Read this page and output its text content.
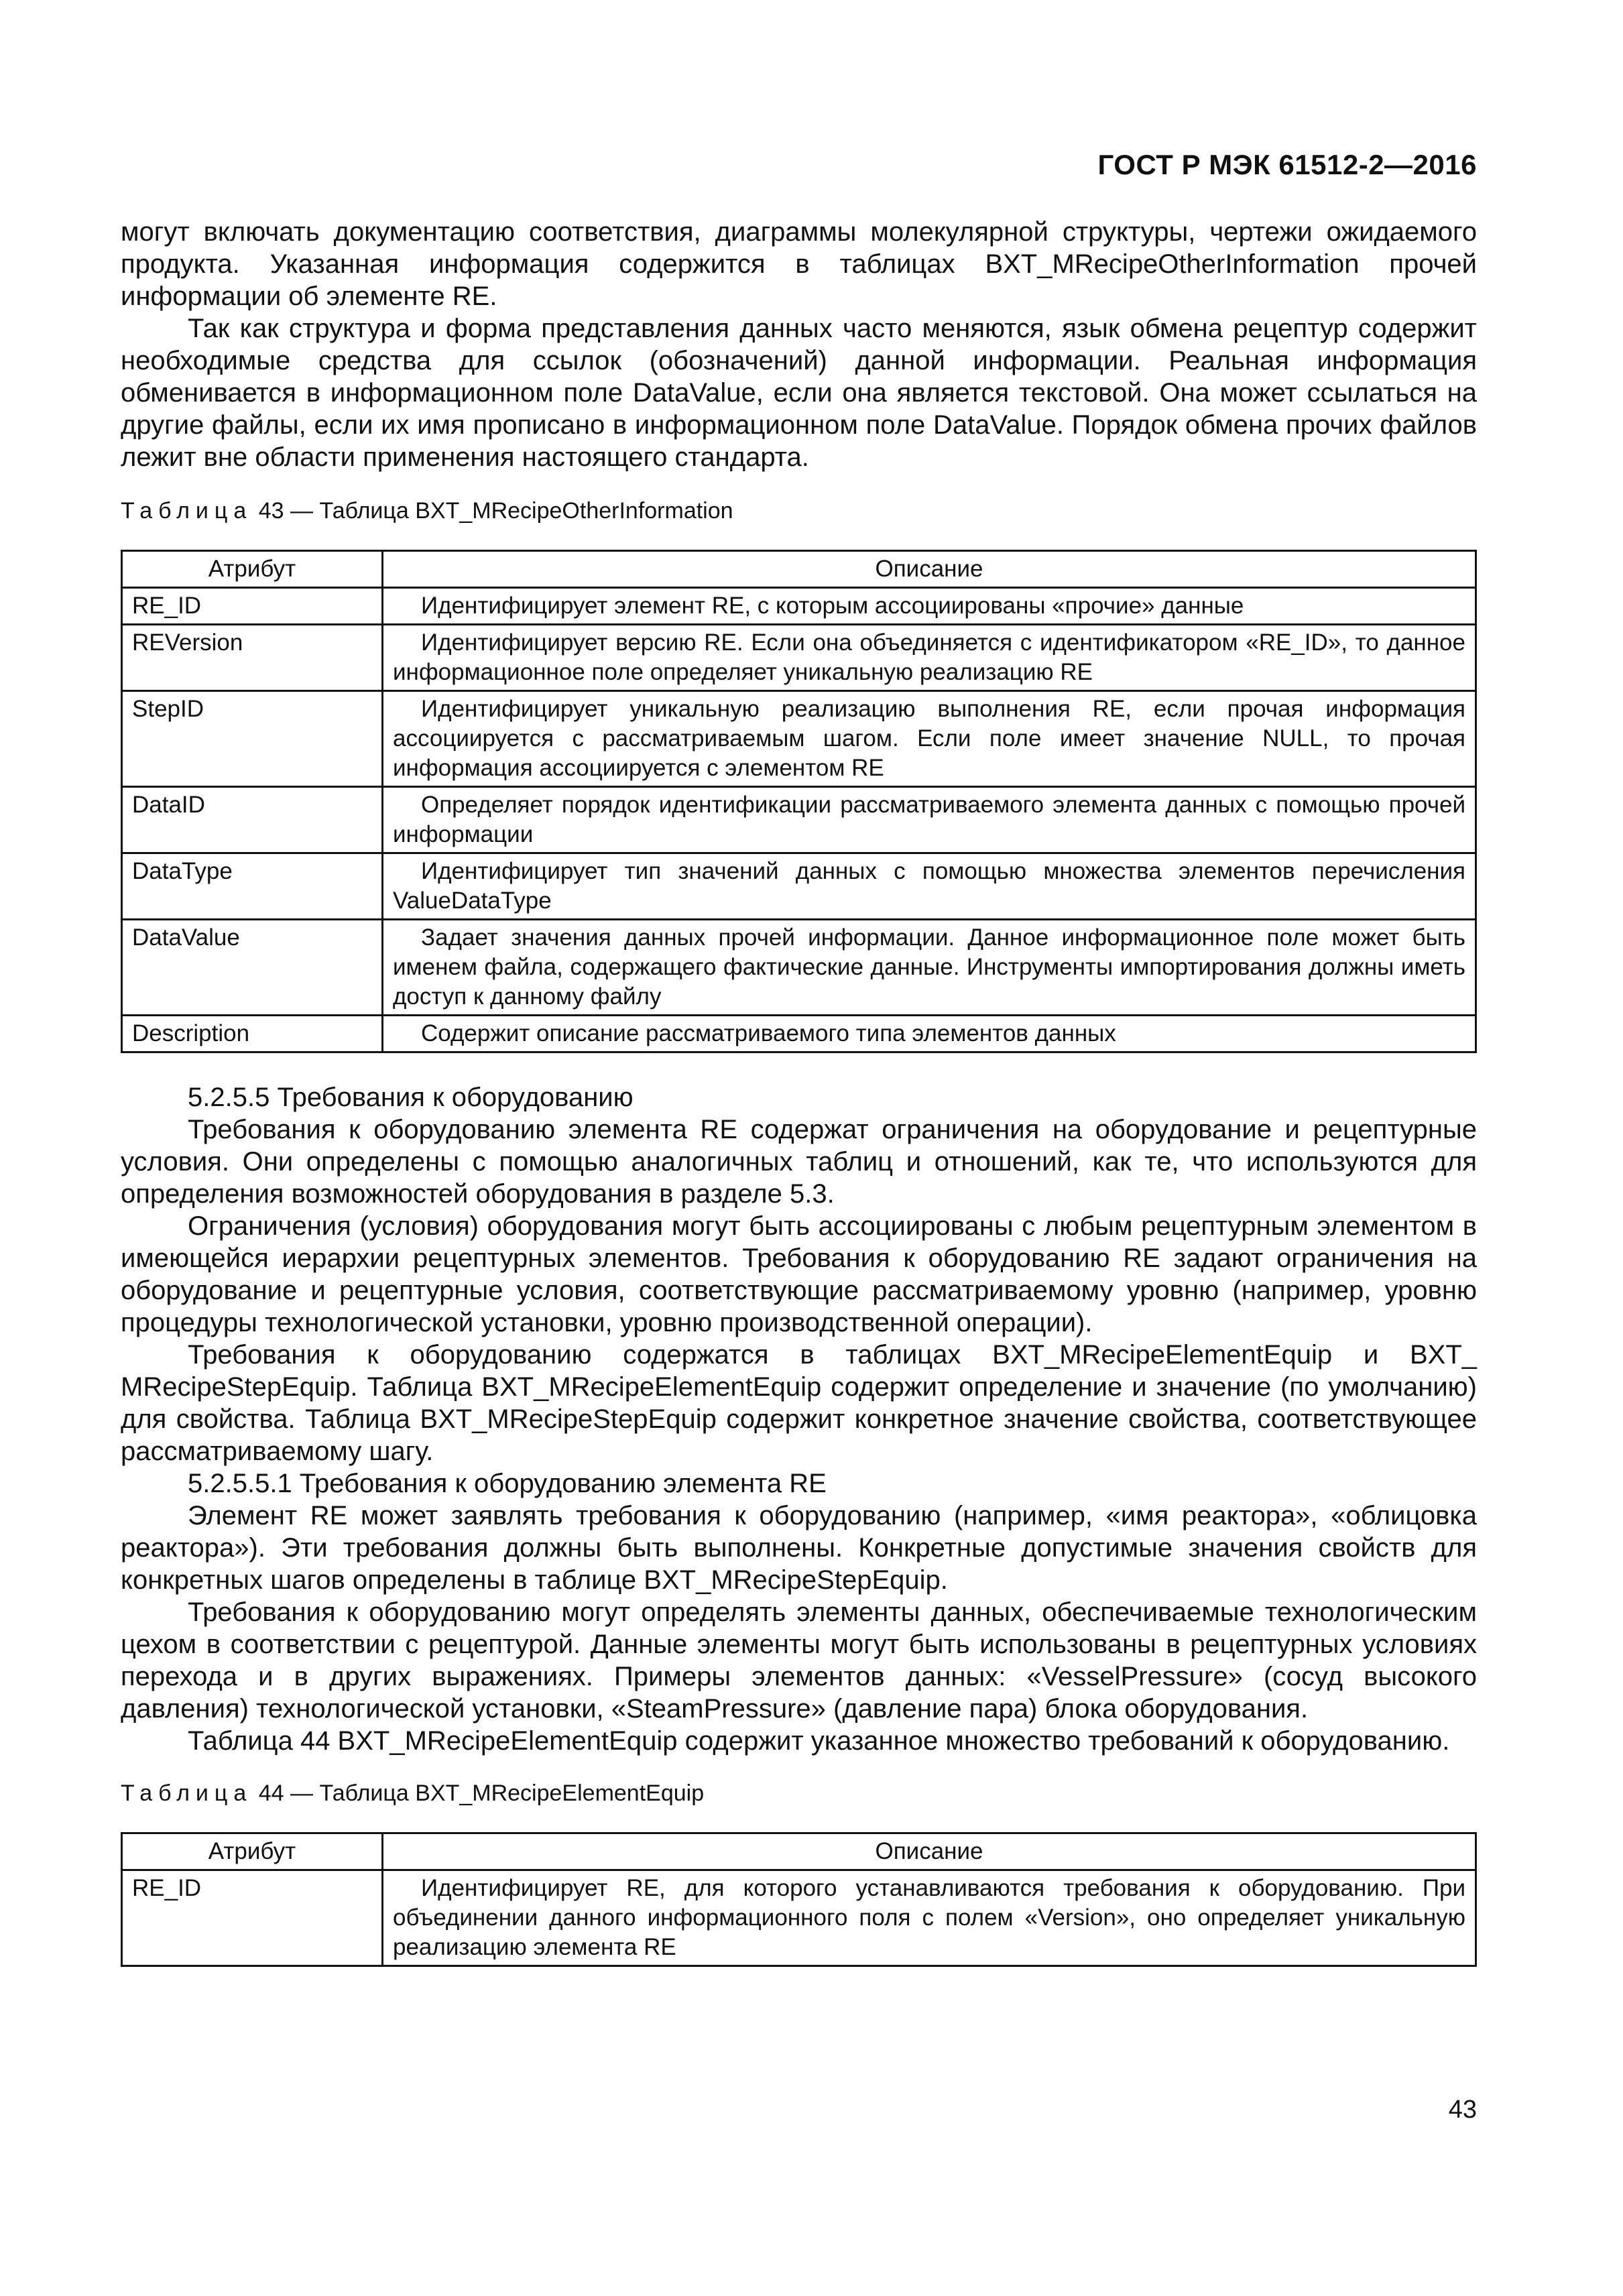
ГОСТ Р МЭК 61512-2—2016

могут включать документацию соответствия, диаграммы молекулярной структуры, чертежи ожидаемого продукта. Указанная информация содержится в таблицах BXT_MRecipeOtherInformation прочей информации об элементе RE.

Так как структура и форма представления данных часто меняются, язык обмена рецептур содержит необходимые средства для ссылок (обозначений) данной информации. Реальная информация обменивается в информационном поле DataValue, если она является текстовой. Она может ссылаться на другие файлы, если их имя прописано в информационном поле DataValue. Порядок обмена прочих файлов лежит вне области применения настоящего стандарта.

Таблица 43 — Таблица BXT_MRecipeOtherInformation

Атрибут	Описание
RE_ID	Идентифицирует элемент RE, с которым ассоциированы «прочие» данные

REVersion	Идентифицирует версию RE. Если она объединяется с идентификатором «RE_ID», то данное информационное поле определяет уникальную реализацию RE

StepID	Идентифицирует уникальную реализацию выполнения RE, если прочая информация ассоциируется с рассматриваемым шагом. Если поле имеет значение NULL, то прочая информация ассоциируется с элементом RE

DataID	Определяет порядок идентификации рассматриваемого элемента данных с помощью прочей информации

DataType	Идентифицирует тип значений данных с помощью множества элементов перечисления ValueDataType

DataValue	Задает значения данных прочей информации. Данное информационное поле может быть именем файла, содержащего фактические данные. Инструменты импортирования должны иметь доступ к данному файлу

Description	Содержит описание рассматриваемого типа элементов данных

5.2.5.5 Требования к оборудованию

Требования к оборудованию элемента RE содержат ограничения на оборудование и рецептурные условия. Они определены с помощью аналогичных таблиц и отношений, как те, что используются для определения возможностей оборудования в разделе 5.3.

Ограничения (условия) оборудования могут быть ассоциированы с любым рецептурным элементом в имеющейся иерархии рецептурных элементов. Требования к оборудованию RE задают ограничения на оборудование и рецептурные условия, соответствующие рассматриваемому уровню (например, уровню процедуры технологической установки, уровню производственной операции).

Требования к оборудованию содержатся в таблицах BXT_MRecipeElementEquip и BXT_ MRecipeStepEquip. Таблица BXT_MRecipeElementEquip содержит определение и значение (по умолчанию) для свойства. Таблица BXT_MRecipeStepEquip содержит конкретное значение свойства, соответствующее рассматриваемому шагу.

5.2.5.5.1 Требования к оборудованию элемента RE

Элемент RE может заявлять требования к оборудованию (например, «имя реактора», «облицовка реактора»). Эти требования должны быть выполнены. Конкретные допустимые значения свойств для конкретных шагов определены в таблице BXT_MRecipeStepEquip.

Требования к оборудованию могут определять элементы данных, обеспечиваемые технологическим цехом в соответствии с рецептурой. Данные элементы могут быть использованы в рецептурных условиях перехода и в других выражениях. Примеры элементов данных: «VesselPressure» (сосуд высокого давления) технологической установки, «SteamPressure» (давление пара) блока оборудования.

Таблица 44 BXT_MRecipeElementEquip содержит указанное множество требований к оборудованию.

Таблица 44 — Таблица BXT_MRecipeElementEquip

Атрибут	Описание
RE_ID	Идентифицирует RE, для которого устанавливаются требования к оборудованию. При объединении данного информационного поля с полем «Version», оно определяет уникальную реализацию элемента RE
43
